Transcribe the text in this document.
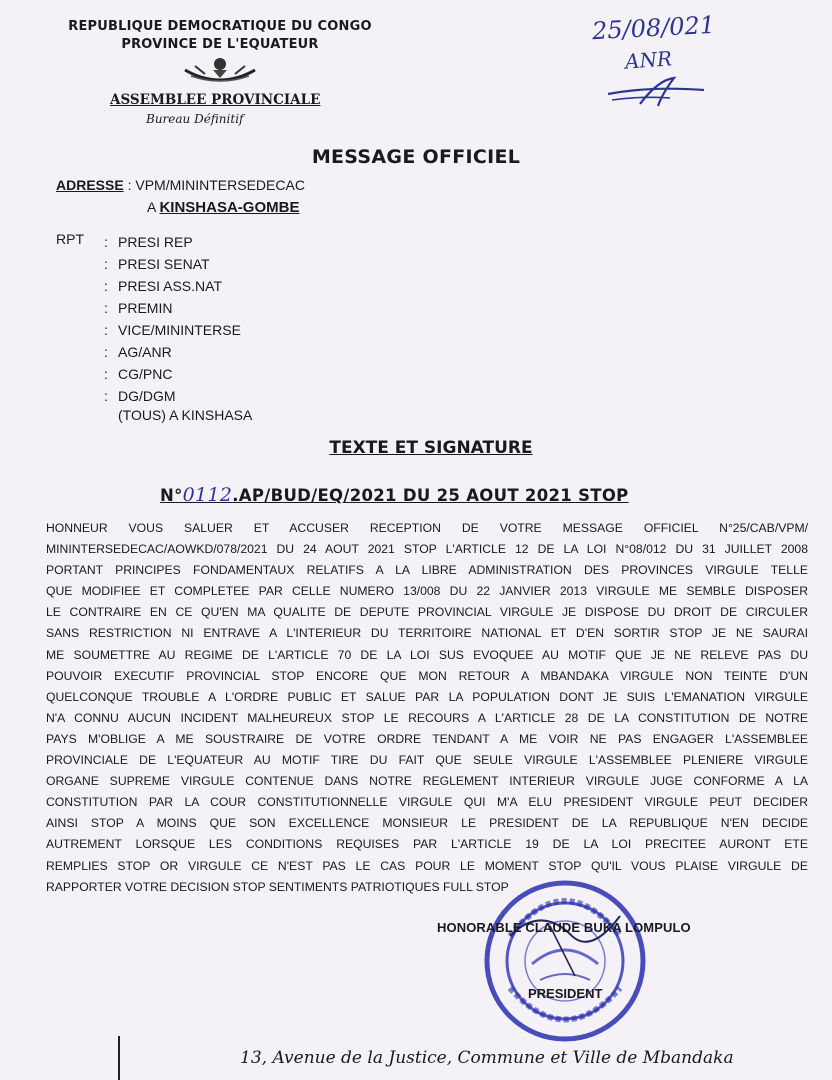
REPUBLIQUE DEMOCRATIQUE DU CONGO
PROVINCE DE L'EQUATEUR
ASSEMBLEE PROVINCIALE
Bureau Définitif
25/08/021
ANR
MESSAGE OFFICIEL
ADRESSE : VPM/MININTERSEDECAC
A KINSHASA-GOMBE
RPT : PRESI REP
: PRESI SENAT
: PRESI ASS.NAT
: PREMIN
: VICE/MININTERSE
: AG/ANR
: CG/PNC
: DG/DGM
(TOUS) A KINSHASA
TEXTE ET SIGNATURE
N°0112.AP/BUD/EQ/2021 DU 25 AOUT 2021 STOP
HONNEUR VOUS SALUER ET ACCUSER RECEPTION DE VOTRE MESSAGE OFFICIEL N°25/CAB/VPM/
MININTERSEDECAC/AOWKD/078/2021 DU 24 AOUT 2021 STOP L'ARTICLE 12 DE LA LOI N°08/012 DU 31 JUILLET 2008
PORTANT PRINCIPES FONDAMENTAUX RELATIFS A LA LIBRE ADMINISTRATION DES PROVINCES VIRGULE TELLE
QUE MODIFIEE ET COMPLETEE PAR CELLE NUMERO 13/008 DU 22 JANVIER 2013 VIRGULE ME SEMBLE DISPOSER
LE CONTRAIRE EN CE QU'EN MA QUALITE DE DEPUTE PROVINCIAL VIRGULE JE DISPOSE DU DROIT DE CIRCULER
SANS RESTRICTION NI ENTRAVE A L'INTERIEUR DU TERRITOIRE NATIONAL ET D'EN SORTIR STOP JE NE SAURAI
ME SOUMETTRE AU REGIME DE L'ARTICLE 70 DE LA LOI SUS EVOQUEE AU MOTIF QUE JE NE RELEVE PAS DU
POUVOIR EXECUTIF PROVINCIAL STOP ENCORE QUE MON RETOUR A MBANDAKA VIRGULE NON TEINTE D'UN
QUELCONQUE TROUBLE A L'ORDRE PUBLIC ET SALUE PAR LA POPULATION DONT JE SUIS L'EMANATION VIRGULE
N'A CONNU AUCUN INCIDENT MALHEUREUX STOP LE RECOURS A L'ARTICLE 28 DE LA CONSTITUTION DE NOTRE
PAYS M'OBLIGE A ME SOUSTRAIRE DE VOTRE ORDRE TENDANT A ME VOIR NE PAS ENGAGER L'ASSEMBLEE
PROVINCIALE DE L'EQUATEUR AU MOTIF TIRE DU FAIT QUE SEULE VIRGULE L'ASSEMBLEE PLENIERE VIRGULE
ORGANE SUPREME VIRGULE CONTENUE DANS NOTRE REGLEMENT INTERIEUR VIRGULE JUGE CONFORME A LA
CONSTITUTION PAR LA COUR CONSTITUTIONNELLE VIRGULE QUI M'A ELU PRESIDENT VIRGULE PEUT DECIDER
AINSI STOP A MOINS QUE SON EXCELLENCE MONSIEUR LE PRESIDENT DE LA REPUBLIQUE N'EN DECIDE
AUTREMENT LORSQUE LES CONDITIONS REQUISES PAR L'ARTICLE 19 DE LA LOI PRECITEE AURONT ETE
REMPLIES STOP OR VIRGULE CE N'EST PAS LE CAS POUR LE MOMENT STOP QU'IL VOUS PLAISE VIRGULE DE
RAPPORTER VOTRE DECISION STOP SENTIMENTS PATRIOTIQUES FULL STOP
HONORABLE CLAUDE BUKA LOMPULO
PRESIDENT
13, Avenue de la Justice, Commune et Ville de Mbandaka
